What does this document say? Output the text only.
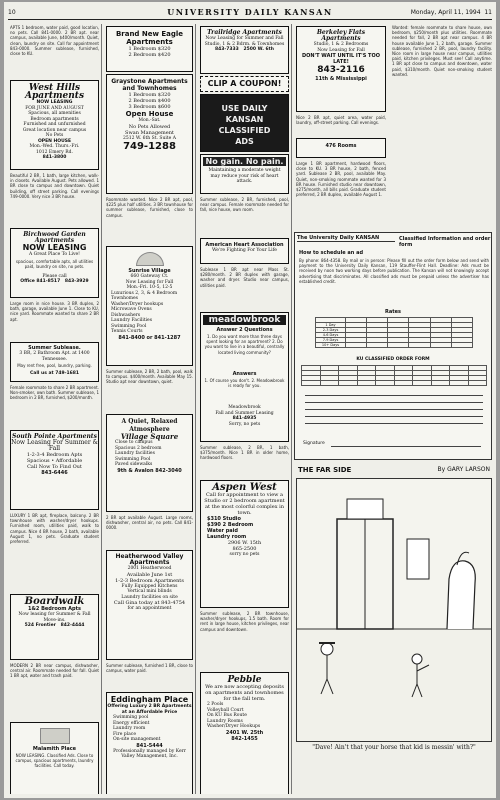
10	UNIVERSITY DAILY KANSAN	Monday, April 11, 1994 11
APTS 1 bedroom, water paid, good location, no pets. Call 841-0000. 2 BR apt. near campus, available June, $400/month. Quiet, clean, laundry on site. Call for appointment 843-0000. Summer sublease, furnished, close to KU.
West Hills Apartments
NOW LEASING
FOR JUNE AND AUGUST
Spacious, all amenities
Bedroom apartments
Furnished and unfurnished
Great location near campus
No Pets
OPEN HOUSE
Mon.-Wed. Thurs.-Fri.
1012 Emery Rd.
841-3800
Beautiful 2 BR, 1 bath, large kitchen, walk-in closets. Available August. Pets allowed. 1 BR close to campus and downtown. Quiet building, off street parking. Call evenings 749-0000. Very nice 3 BR house.
Birchwood Garden Apartments
NOW LEASING
A Great Place To Live!
spacious, comfortable apts, all utilities paid, laundry on site, no pets.
Please call
Office 841-8517 843-3929
Large room in nice house. 3 BR duplex, 2 bath, garage, available June 1. Close to KU, nice yard. Roommate wanted to share 2 BR apt.
Summer Sublease.
3 BR, 2 Bathroom Apt. at 1400 Tennessee.
May rent free, pool, laundry, parking.
Call us at 749-1681
Female roommate to share 2 BR apartment. Non-smoker, own bath. Summer sublease, 1 bedroom in 2 BR, furnished, $200/month.
South Pointe Apartments
Now Leasing For Summer & Fall
1-2-3-4 Bedroom Apts
Spacious • Affordable
Call Now To Find Out
843-6446
LUXURY 1 BR apt, fireplace, balcony. 2 BR townhouse with washer/dryer hookups. Furnished room, utilities paid, walk to campus. Nice 4 BR house, 2 bath, available August 1, no pets. Graduate student preferred.
Boardwalk
1&2 Bedroom Apts
Now leasing for Summer & Fall Move-ins.
524 Frontier 842-4444
MODERN 2 BR near campus, dishwasher, central air. Roommate needed for fall. Quiet 1 BR apt, water and trash paid.
Malamith Place
NOW LEASING. Classified Ads. Close to campus, spacious apartments, laundry facilities. Call today.
Brand New Eagle Apartments
1 Bedroom $320
2 Bedroom $420
Graystone Apartments and Townhomes
1 Bedroom $320
2 Bedroom $400
3 Bedroom $600
Open House
Mon.-Sat.
No Pets Allowed
Swan Management
2512 W. 6th St. Suite A
749-1288
Roommate wanted. Nice 2 BR apt, pool, $225 plus half utilities. 3 BR townhouse for summer sublease, furnished, close to campus.
Sunrise Village
660 Gateway Ct.
Now Leasing for Fall
Mon.-Fri. 10-5, 12-5
Luxurious 2, 3, & 4 Bedroom Townhomes
Washer/Dryer hookups
Microwave Ovens
Dishwashers
Laundry Facilities
Swimming Pool
Tennis Courts
841-8400 or 841-1287
Summer sublease, 2 BR, 2 bath, pool, walk to campus. $400/month. Available May 15. Studio apt near downtown, quiet.
A Quiet, Relaxed Atmosphere
Village Square
Close to campus
Spacious 2 bedroom
Laundry facilities
Swimming Pool
Paved sidewalks
9th & Avalon 842-3040
2 BR apt available August. Large rooms, dishwasher, central air, no pets. Call 841-0000.
Heatherwood Valley Apartments
2001 Heatherwood
Available June 1st
1-2-3 Bedroom Apartments
Fully Equipped Kitchens
Vertical mini blinds
Laundry facilities on site
Call Gina today at 843-4754
for an appointment
Summer sublease, furnished 1 BR, close to campus, water paid.
Eddingham Place
Offering Luxury 2 BR Apartments at an Affordable Price
Swimming pool
Energy efficient
Laundry room
Fire place
On-site management
841-5444
Professionally managed by Kerr Valley Management, Inc.
Trailridge Apartments
Now Leasing for Summer and Fall
Studio, 1 & 2 Bdrm. & Townhomes
843-7333 2500 W. 6th
CLIP A COUPON!
USE DAILY KANSAN CLASSIFIED ADS
No gain. No pain.
Maintaining a moderate weight may reduce your risk of heart attack.
Summer sublease, 2 BR, furnished, pool, near campus. Female roommate needed for fall, nice house, own room.
American Heart Association
We're Fighting For Your Life
Sublease 1 BR apt near Mass St. $280/month. 2 BR duplex with garage, washer and dryer. Studio near campus, utilities paid.
meadowbrook
Answer 2 Questions
1. Do you want more than three days spent looking for an apartment? 2. Do you want to live in a beautiful, centrally located living community?
Answers
1. Of course you don't. 2. Meadowbrook is ready for you.
Meadowbrook
Fall and Summer Leasing
841-4935
Sorry, no pets
Summer sublease, 2 BR, 1 bath, $375/month. Nice 1 BR in older home, hardwood floors.
Aspen West
Call for appointment to view a Studio or 2 bedroom apartment at the most colorful complex in town.
$310 Studio
$390 2 Bedroom
Water paid
Laundry room
2906 W. 15th
865-2500
sorry no pets
Summer sublease, 2 BR townhouse, washer/dryer hookups, 1.5 bath. Room for rent in large house, kitchen privileges, near campus and downtown.
Pebble
We are now accepting deposits on apartments and townhomes for the fall term.
2 Pools
Volleyball Court
On KU Bus Route
Laundry Rooms
Washer/Dryer Hookups
2401 W. 25th
842-1455
Berkeley Flats Apartments
Studio, 1 & 2 Bedrooms
Now Leasing for Fall
DON'T WAIT UNTIL IT'S TOO LATE!
843-2116
11th & Mississippi
Nice 2 BR apt, quiet area, water paid, laundry, off-street parking. Call evenings.
476 Rooms
Large 1 BR apartment, hardwood floors, close to KU. 3 BR house, 2 bath, fenced yard. Sublease 2 BR, pool, available May. Quiet, non-smoking roommate wanted for 3 BR house. Furnished studio near downtown, $275/month, all bills paid. Graduate student preferred, 2 BR duplex, available August 1.
Wanted: female roommate to share house, own bedroom, $250/month plus utilities. Roommate needed for fall, 2 BR apt near campus. 4 BR house available June 1, 2 bath, garage. Summer sublease, furnished 2 BR, pool, laundry facility. Nice room in large house near campus, utilities paid, kitchen privileges. Must see! Call anytime. 1 BR apt close to campus and downtown, water paid, $310/month. Quiet non-smoking student wanted.
The University Daily KANSAN	Classified Information and order form
How to schedule an ad
By phone: 864-4358. By mail or in person: Please fill out the order form below and send with payment to the University Daily Kansan, 119 Stauffer-Flint Hall. Deadline: Ads must be received by noon two working days before publication. The Kansan will not knowingly accept advertising that discriminates. All classified ads must be prepaid unless the advertiser has established credit.
Rates

1 Day						
2-3 Days						
4-6 Days						
7-9 Days						
10+ Days						
KU CLASSIFIED ORDER FORM

Signature
THE FAR SIDE	By GARY LARSON
"Dave! Ain't that your horse that kid is messin' with?"
